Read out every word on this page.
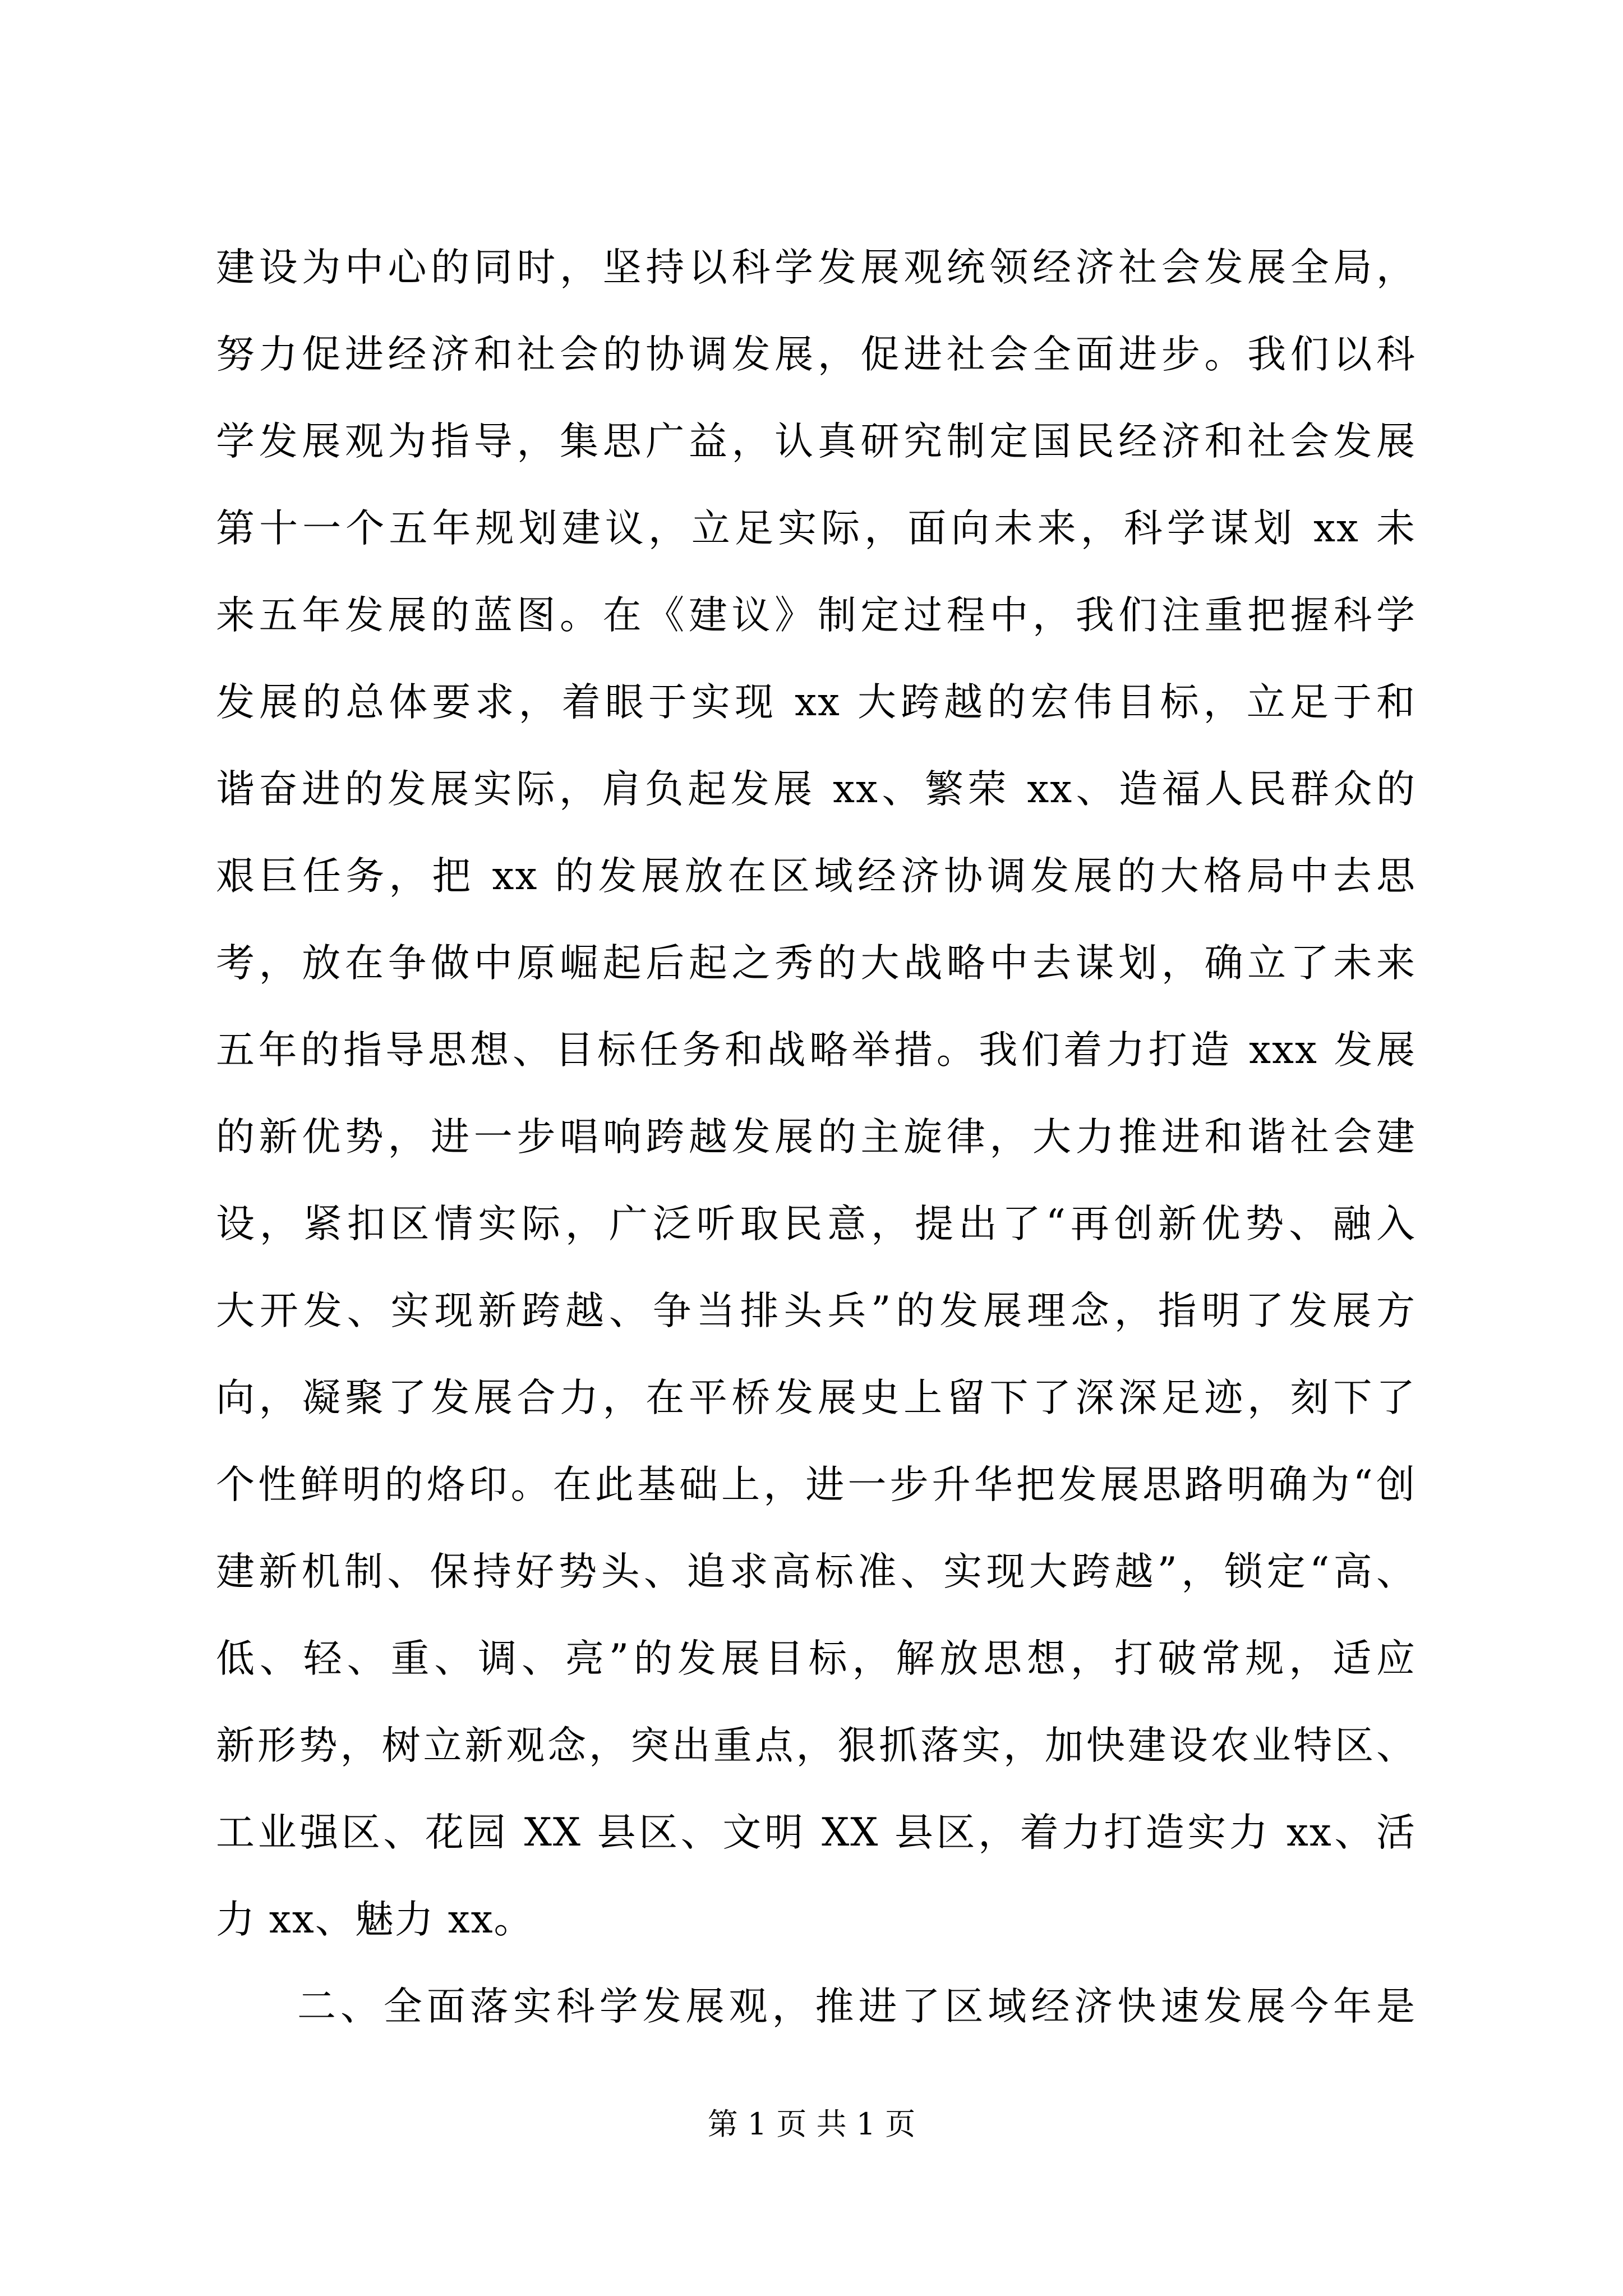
建设为中心的同时，坚持以科学发展观统领经济社会发展全局，
努力促进经济和社会的协调发展，促进社会全面进步。我们以科
学发展观为指导，集思广益，认真研究制定国民经济和社会发展
第十一个五年规划建议，立足实际，面向未来，科学谋划 xx 未
来五年发展的蓝图。在《建议》制定过程中，我们注重把握科学
发展的总体要求，着眼于实现 xx 大跨越的宏伟目标，立足于和
谐奋进的发展实际，肩负起发展 xx、繁荣 xx、造福人民群众的
艰巨任务，把 xx 的发展放在区域经济协调发展的大格局中去思
考，放在争做中原崛起后起之秀的大战略中去谋划，确立了未来
五年的指导思想、目标任务和战略举措。我们着力打造 xxx 发展
的新优势，进一步唱响跨越发展的主旋律，大力推进和谐社会建
设，紧扣区情实际，广泛听取民意，提出了“再创新优势、融入
大开发、实现新跨越、争当排头兵”的发展理念，指明了发展方
向，凝聚了发展合力，在平桥发展史上留下了深深足迹，刻下了
个性鲜明的烙印。在此基础上，进一步升华把发展思路明确为“创
建新机制、保持好势头、追求高标准、实现大跨越”，锁定“高、
低、轻、重、调、亮”的发展目标，解放思想，打破常规，适应
新形势，树立新观念，突出重点，狠抓落实，加快建设农业特区、
工业强区、花园 XX 县区、文明 XX 县区，着力打造实力 xx、活
力 xx、魅力 xx。
二、全面落实科学发展观，推进了区域经济快速发展今年是
第 1 页 共 1 页
